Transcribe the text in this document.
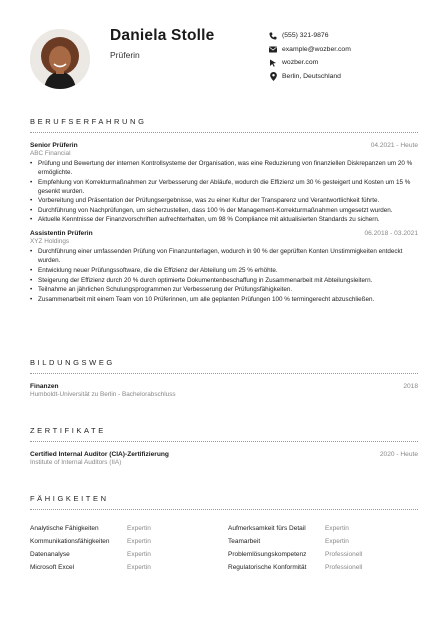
Daniela Stolle
Prüferin
(555) 321-9876
example@wozber.com
wozber.com
Berlin, Deutschland
BERUFSERFAHRUNG
Senior Prüferin	04.2021 - Heute
ABC Financial
• Prüfung und Bewertung der internen Kontrollsysteme der Organisation, was eine Reduzierung von finanziellen Diskrepanzen um 20 % ermöglichte.
• Empfehlung von Korrekturmaßnahmen zur Verbesserung der Abläufe, wodurch die Effizienz um 30 % gesteigert und Kosten um 15 % gesenkt wurden.
• Vorbereitung und Präsentation der Prüfungsergebnisse, was zu einer Kultur der Transparenz und Verantwortlichkeit führte.
• Durchführung von Nachprüfungen, um sicherzustellen, dass 100 % der Management-Korrekturmaßnahmen umgesetzt wurden.
• Aktuelle Kenntnisse der Finanzvorschriften aufrechterhalten, um 98 % Compliance mit aktualisierten Standards zu sichern.
Assistentin Prüferin	06.2018 - 03.2021
XYZ Holdings
• Durchführung einer umfassenden Prüfung von Finanzunterlagen, wodurch in 90 % der geprüften Konten Unstimmigkeiten entdeckt wurden.
• Entwicklung neuer Prüfungssoftware, die die Effizienz der Abteilung um 25 % erhöhte.
• Steigerung der Effizienz durch 20 % durch optimierte Dokumentenbeschaffung in Zusammenarbeit mit Abteilungsleitern.
• Teilnahme an jährlichen Schulungsprogrammen zur Verbesserung der Prüfungsfähigkeiten.
• Zusammenarbeit mit einem Team von 10 Prüferinnen, um alle geplanten Prüfungen 100 % termingerecht abzuschließen.
BILDUNGSWEG
Finanzen	2018
Humboldt-Universität zu Berlin - Bachelorabschluss
ZERTIFIKATE
Certified Internal Auditor (CIA)-Zertifizierung	2020 - Heute
Institute of Internal Auditors (IIA)
FÄHIGKEITEN
Analytische Fähigkeiten	Expertin	Aufmerksamkeit fürs Detail	Expertin
Kommunikationsfähigkeiten	Expertin	Teamarbeit	Expertin
Datenanalyse	Expertin	Problemlösungskompetenz	Professionell
Microsoft Excel	Expertin	Regulatorische Konformität	Professionell
